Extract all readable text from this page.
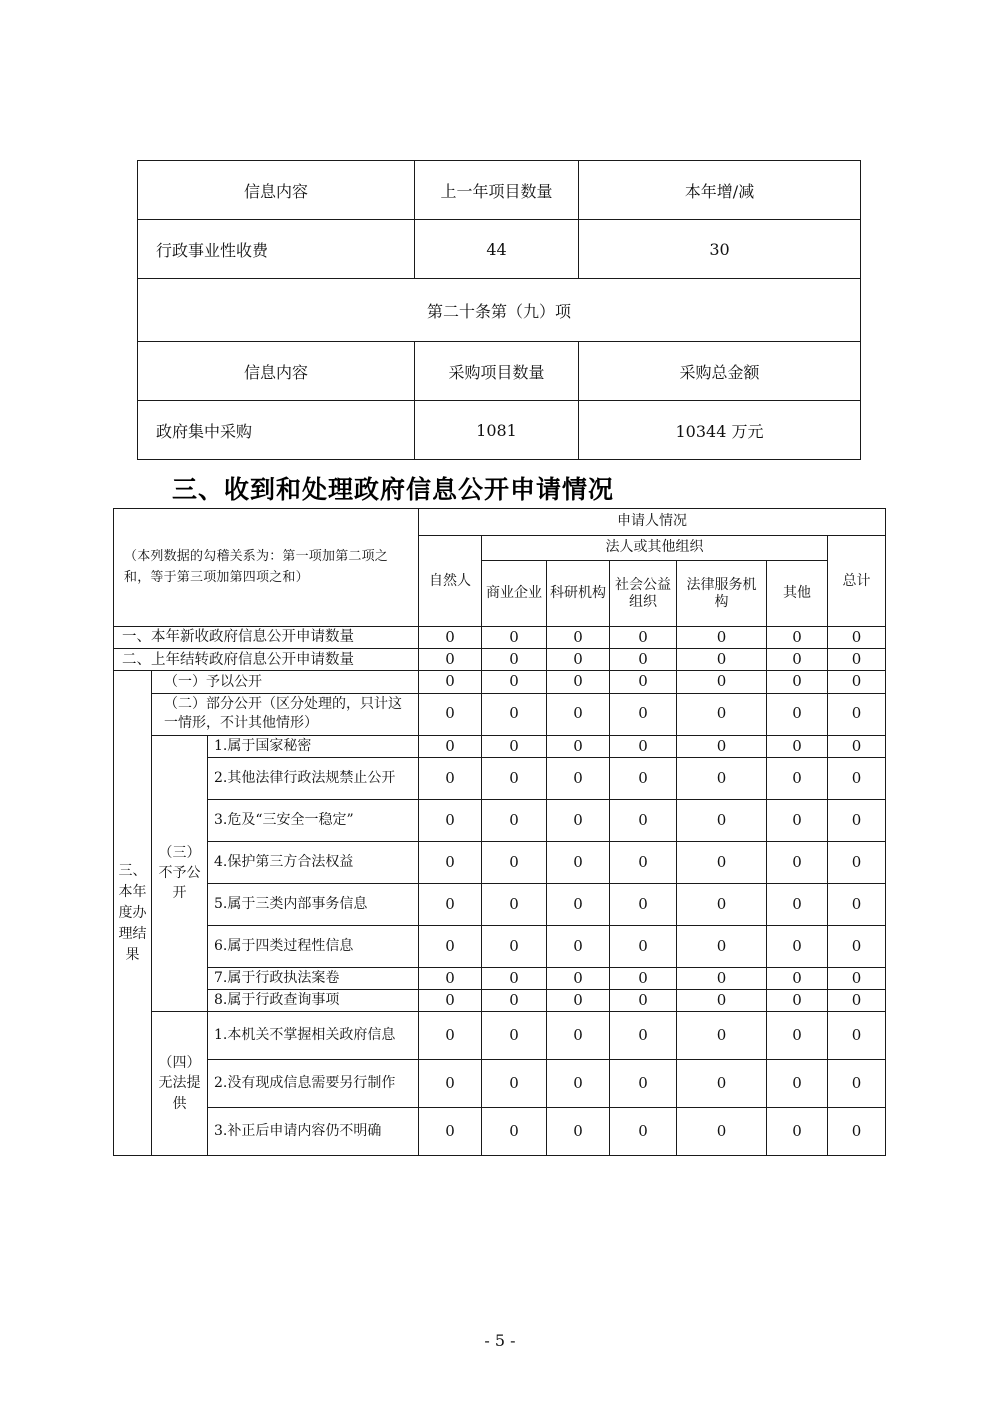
信息内容	上一年项目数量	本年增/减
行政事业性收费	44	30
第二十条第（九）项		
信息内容	采购项目数量	采购总金额
政府集中采购	1081	10344 万元
三、收到和处理政府信息公开申请情况
（本列数据的勾稽关系为：第一项加第二项之和，等于第三项加第四项之和）			申请人情况						
			自然人	法人或其他组织					总计
				商业企业	科研机构	社会公益组织	法律服务机构	其他	
一、本年新收政府信息公开申请数量			0	0	0	0	0	0	0
二、上年结转政府信息公开申请数量			0	0	0	0	0	0	0
三、本年度办理结果	（一）予以公开		0	0	0	0	0	0	0
	（二）部分公开（区分处理的，只计这一情形，不计其他情形）		0	0	0	0	0	0	0
	（三）不予公开	1.属于国家秘密	0	0	0	0	0	0	0
		2.其他法律行政法规禁止公开	0	0	0	0	0	0	0
		3.危及“三安全一稳定”	0	0	0	0	0	0	0
		4.保护第三方合法权益	0	0	0	0	0	0	0
		5.属于三类内部事务信息	0	0	0	0	0	0	0
		6.属于四类过程性信息	0	0	0	0	0	0	0
		7.属于行政执法案卷	0	0	0	0	0	0	0
		8.属于行政查询事项	0	0	0	0	0	0	0
	（四）无法提供	1.本机关不掌握相关政府信息	0	0	0	0	0	0	0
		2.没有现成信息需要另行制作	0	0	0	0	0	0	0
		3.补正后申请内容仍不明确	0	0	0	0	0	0	0
- 5 -
